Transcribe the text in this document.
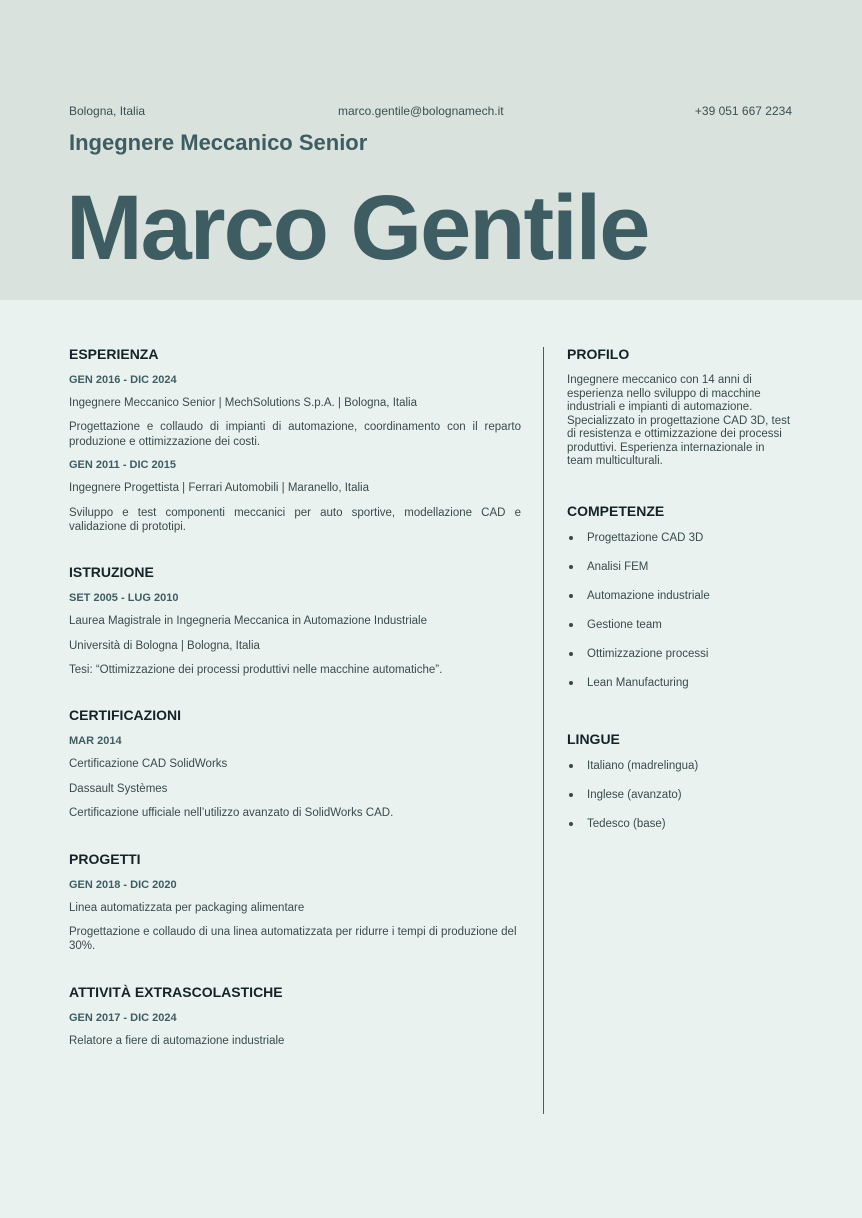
Bologna, Italia	marco.gentile@bolognamech.it	+39 051 667 2234
Ingegnere Meccanico Senior
Marco Gentile
ESPERIENZA

GEN 2016 - DIC 2024

Ingegnere Meccanico Senior | MechSolutions S.p.A. | Bologna, Italia

Progettazione e collaudo di impianti di automazione, coordinamento con il reparto produzione e ottimizzazione dei costi.

GEN 2011 - DIC 2015

Ingegnere Progettista | Ferrari Automobili | Maranello, Italia

Sviluppo e test componenti meccanici per auto sportive, modellazione CAD e validazione di prototipi.

ISTRUZIONE

SET 2005 - LUG 2010

Laurea Magistrale in Ingegneria Meccanica in Automazione Industriale

Università di Bologna | Bologna, Italia

Tesi: “Ottimizzazione dei processi produttivi nelle macchine automatiche”.

CERTIFICAZIONI

MAR 2014

Certificazione CAD SolidWorks

Dassault Systèmes

Certificazione ufficiale nell’utilizzo avanzato di SolidWorks CAD.

PROGETTI

GEN 2018 - DIC 2020

Linea automatizzata per packaging alimentare

Progettazione e collaudo di una linea automatizzata per ridurre i tempi di produzione del 30%.

ATTIVITÀ EXTRASCOLASTICHE

GEN 2017 - DIC 2024

Relatore a fiere di automazione industriale

PROFILO

Ingegnere meccanico con 14 anni di esperienza nello sviluppo di macchine industriali e impianti di automazione. Specializzato in progettazione CAD 3D, test di resistenza e ottimizzazione dei processi produttivi. Esperienza internazionale in team multiculturali.

COMPETENZE
Progettazione CAD 3D
Analisi FEM
Automazione industriale
Gestione team
Ottimizzazione processi
Lean Manufacturing
LINGUE
Italiano (madrelingua)
Inglese (avanzato)
Tedesco (base)
